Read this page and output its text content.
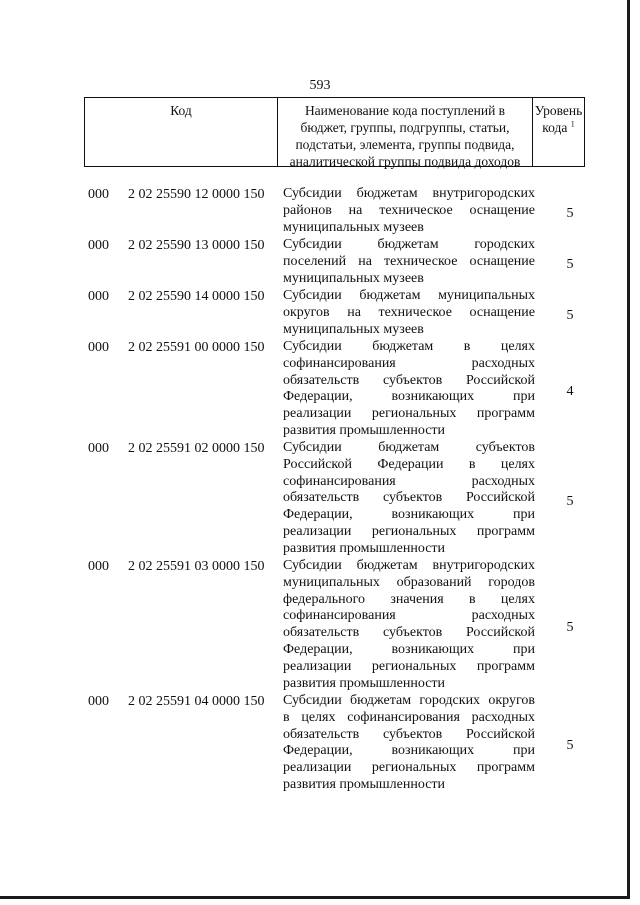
593
Код	Наименование кода поступлений в
бюджет, группы, подгруппы, статьи,
подстатьи, элемента, группы подвида,
аналитической группы подвида доходов
Уровень
кода $^1$
000 2 02 25590 12 0000 150 Субсидии бюджетам внутригородских
районов на техническое оснащение
муниципальных музеев
5
000 2 02 25590 13 0000 150 Субсидии бюджетам городских
поселений на техническое оснащение
муниципальных музеев
5
000 2 02 25590 14 0000 150 Субсидии бюджетам муниципальных
округов на техническое оснащение
муниципальных музеев
5
000 2 02 25591 00 0000 150 Субсидии бюджетам в целях
софинансирования расходных
обязательств субъектов Российской
Федерации, возникающих при
реализации региональных программ
развития промышленности
4
000 2 02 25591 02 0000 150 Субсидии бюджетам субъектов
Российской Федерации в целях
софинансирования расходных
обязательств субъектов Российской
Федерации, возникающих при
реализации региональных программ
развития промышленности
5
000 2 02 25591 03 0000 150 Субсидии бюджетам внутригородских
муниципальных образований городов
федерального значения в целях
софинансирования расходных
обязательств субъектов Российской
Федерации, возникающих при
реализации региональных программ
развития промышленности
5
000 2 02 25591 04 0000 150 Субсидии бюджетам городских округов
в целях софинансирования расходных
обязательств субъектов Российской
Федерации, возникающих при
реализации региональных программ
развития промышленности
5
